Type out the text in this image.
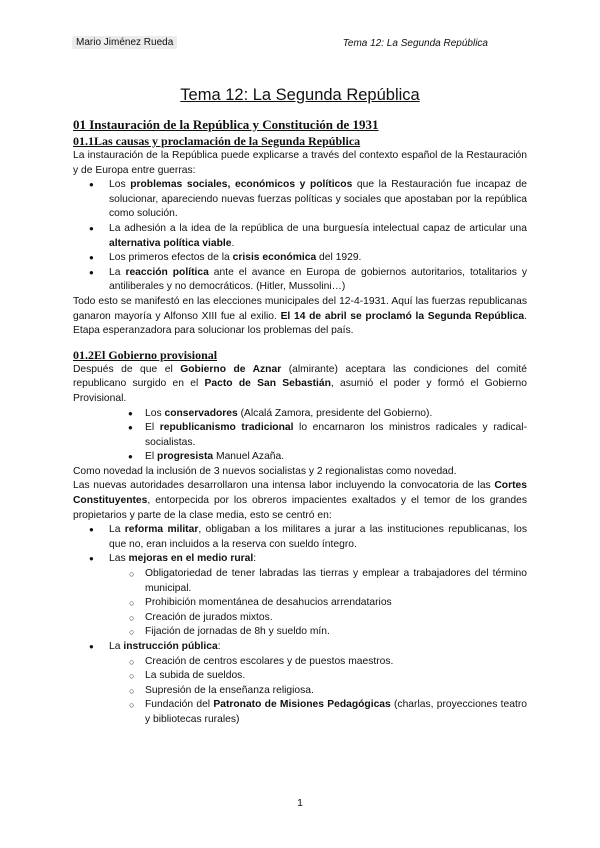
Mario Jiménez Rueda	Tema 12: La Segunda República
Tema 12: La Segunda República
01 Instauración de la República y Constitución de 1931
01.1Las causas y proclamación de la Segunda República

La instauración de la República puede explicarse a través del contexto español de la Restauración y de Europa entre guerras:

● Los problemas sociales, económicos y políticos que la Restauración fue incapaz de solucionar, apareciendo nuevas fuerzas políticas y sociales que apostaban por la república como solución.
● La adhesión a la idea de la república de una burguesía intelectual capaz de articular una alternativa política viable.
● Los primeros efectos de la crisis económica del 1929.
● La reacción política ante el avance en Europa de gobiernos autoritarios, totalitarios y antiliberales y no democráticos. (Hitler, Mussolini…)

Todo esto se manifestó en las elecciones municipales del 12-4-1931. Aquí las fuerzas republicanas ganaron mayoría y Alfonso XIII fue al exilio. El 14 de abril se proclamó la Segunda República. Etapa esperanzadora para solucionar los problemas del país.

01.2El Gobierno provisional

Después de que el Gobierno de Aznar (almirante) aceptara las condiciones del comité republicano surgido en el Pacto de San Sebastián, asumió el poder y formó el Gobierno Provisional.

● Los conservadores (Alcalá Zamora, presidente del Gobierno).
● El republicanismo tradicional lo encarnaron los ministros radicales y radical-socialistas.
● El progresista Manuel Azaña.

Como novedad la inclusión de 3 nuevos socialistas y 2 regionalistas como novedad.

Las nuevas autoridades desarrollaron una intensa labor incluyendo la convocatoria de las Cortes Constituyentes, entorpecida por los obreros impacientes exaltados y el temor de los grandes propietarios y parte de la clase media, esto se centró en:

● La reforma militar, obligaban a los militares a jurar a las instituciones republicanas, los que no, eran incluidos a la reserva con sueldo íntegro.
● Las mejoras en el medio rural:
○ Obligatoriedad de tener labradas las tierras y emplear a trabajadores del término municipal.
○ Prohibición momentánea de desahucios arrendatarios
○ Creación de jurados mixtos.
○ Fijación de jornadas de 8h y sueldo mín.
● La instrucción pública:
○ Creación de centros escolares y de puestos maestros.
○ La subida de sueldos.
○ Supresión de la enseñanza religiosa.
○ Fundación del Patronato de Misiones Pedagógicas (charlas, proyecciones teatro y bibliotecas rurales)
1
